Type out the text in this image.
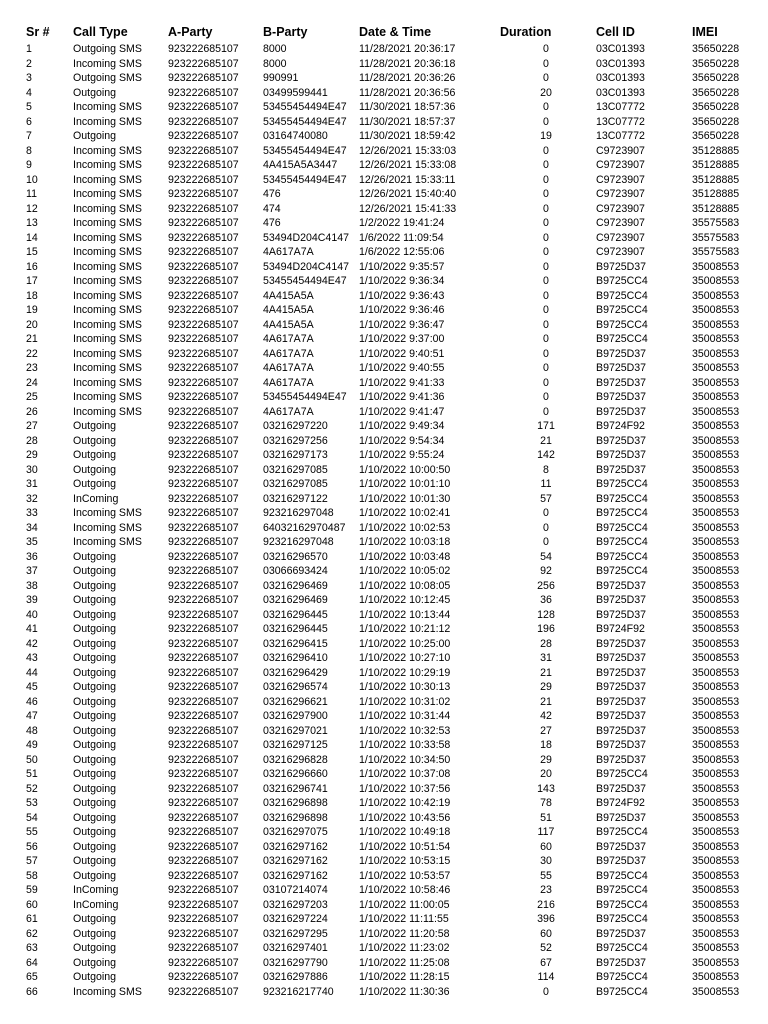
Sr #	Call Type	A-Party	B-Party	Date & Time	Duration	Cell ID	IMEI
1	Outgoing SMS	923222685107	8000	11/28/2021 20:36:17	0	03C01393	35650228
2	Incoming SMS	923222685107	8000	11/28/2021 20:36:18	0	03C01393	35650228
3	Outgoing SMS	923222685107	990991	11/28/2021 20:36:26	0	03C01393	35650228
4	Outgoing	923222685107	03499599441	11/28/2021 20:36:56	20	03C01393	35650228
5	Incoming SMS	923222685107	53455454494E47	11/30/2021 18:57:36	0	13C07772	35650228
6	Incoming SMS	923222685107	53455454494E47	11/30/2021 18:57:37	0	13C07772	35650228
7	Outgoing	923222685107	03164740080	11/30/2021 18:59:42	19	13C07772	35650228
8	Incoming SMS	923222685107	53455454494E47	12/26/2021 15:33:03	0	C9723907	35128885
9	Incoming SMS	923222685107	4A415A5A3447	12/26/2021 15:33:08	0	C9723907	35128885
10	Incoming SMS	923222685107	53455454494E47	12/26/2021 15:33:11	0	C9723907	35128885
11	Incoming SMS	923222685107	476	12/26/2021 15:40:40	0	C9723907	35128885
12	Incoming SMS	923222685107	474	12/26/2021 15:41:33	0	C9723907	35128885
13	Incoming SMS	923222685107	476	1/2/2022 19:41:24	0	C9723907	35575583
14	Incoming SMS	923222685107	53494D204C4147 1/6/2022 11:09:54	0	C9723907	35575583
15	Incoming SMS	923222685107	4A617A7A	1/6/2022 12:55:06	0	C9723907	35575583
16	Incoming SMS	923222685107	53494D204C4147 1/10/2022 9:35:57	0	B9725D37	35008553
17	Incoming SMS	923222685107	53455454494E47	1/10/2022 9:36:34	0	B9725CC4	35008553
18	Incoming SMS	923222685107	4A415A5A	1/10/2022 9:36:43	0	B9725CC4	35008553
19	Incoming SMS	923222685107	4A415A5A	1/10/2022 9:36:46	0	B9725CC4	35008553
20	Incoming SMS	923222685107	4A415A5A	1/10/2022 9:36:47	0	B9725CC4	35008553
21	Incoming SMS	923222685107	4A617A7A	1/10/2022 9:37:00	0	B9725CC4	35008553
22	Incoming SMS	923222685107	4A617A7A	1/10/2022 9:40:51	0	B9725D37	35008553
23	Incoming SMS	923222685107	4A617A7A	1/10/2022 9:40:55	0	B9725D37	35008553
24	Incoming SMS	923222685107	4A617A7A	1/10/2022 9:41:33	0	B9725D37	35008553
25	Incoming SMS	923222685107	53455454494E47	1/10/2022 9:41:36	0	B9725D37	35008553
26	Incoming SMS	923222685107	4A617A7A	1/10/2022 9:41:47	0	B9725D37	35008553
27	Outgoing	923222685107	03216297220	1/10/2022 9:49:34	171	B9724F92	35008553
28	Outgoing	923222685107	03216297256	1/10/2022 9:54:34	21	B9725D37	35008553
29	Outgoing	923222685107	03216297173	1/10/2022 9:55:24	142	B9725D37	35008553
30	Outgoing	923222685107	03216297085	1/10/2022 10:00:50	8	B9725D37	35008553
31	Outgoing	923222685107	03216297085	1/10/2022 10:01:10	11	B9725CC4	35008553
32	InComing	923222685107	03216297122	1/10/2022 10:01:30	57	B9725CC4	35008553
33	Incoming SMS	923222685107	923216297048	1/10/2022 10:02:41	0	B9725CC4	35008553
34	Incoming SMS	923222685107	64032162970487	1/10/2022 10:02:53	0	B9725CC4	35008553
35	Incoming SMS	923222685107	923216297048	1/10/2022 10:03:18	0	B9725CC4	35008553
36	Outgoing	923222685107	03216296570	1/10/2022 10:03:48	54	B9725CC4	35008553
37	Outgoing	923222685107	03066693424	1/10/2022 10:05:02	92	B9725CC4	35008553
38	Outgoing	923222685107	03216296469	1/10/2022 10:08:05	256	B9725D37	35008553
39	Outgoing	923222685107	03216296469	1/10/2022 10:12:45	36	B9725D37	35008553
40	Outgoing	923222685107	03216296445	1/10/2022 10:13:44	128	B9725D37	35008553
41	Outgoing	923222685107	03216296445	1/10/2022 10:21:12	196	B9724F92	35008553
42	Outgoing	923222685107	03216296415	1/10/2022 10:25:00	28	B9725D37	35008553
43	Outgoing	923222685107	03216296410	1/10/2022 10:27:10	31	B9725D37	35008553
44	Outgoing	923222685107	03216296429	1/10/2022 10:29:19	21	B9725D37	35008553
45	Outgoing	923222685107	03216296574	1/10/2022 10:30:13	29	B9725D37	35008553
46	Outgoing	923222685107	03216296621	1/10/2022 10:31:02	21	B9725D37	35008553
47	Outgoing	923222685107	03216297900	1/10/2022 10:31:44	42	B9725D37	35008553
48	Outgoing	923222685107	03216297021	1/10/2022 10:32:53	27	B9725D37	35008553
49	Outgoing	923222685107	03216297125	1/10/2022 10:33:58	18	B9725D37	35008553
50	Outgoing	923222685107	03216296828	1/10/2022 10:34:50	29	B9725D37	35008553
51	Outgoing	923222685107	03216296660	1/10/2022 10:37:08	20	B9725CC4	35008553
52	Outgoing	923222685107	03216296741	1/10/2022 10:37:56	143	B9725D37	35008553
53	Outgoing	923222685107	03216296898	1/10/2022 10:42:19	78	B9724F92	35008553
54	Outgoing	923222685107	03216296898	1/10/2022 10:43:56	51	B9725D37	35008553
55	Outgoing	923222685107	03216297075	1/10/2022 10:49:18	117	B9725CC4	35008553
56	Outgoing	923222685107	03216297162	1/10/2022 10:51:54	60	B9725D37	35008553
57	Outgoing	923222685107	03216297162	1/10/2022 10:53:15	30	B9725D37	35008553
58	Outgoing	923222685107	03216297162	1/10/2022 10:53:57	55	B9725CC4	35008553
59	InComing	923222685107	03107214074	1/10/2022 10:58:46	23	B9725CC4	35008553
60	InComing	923222685107	03216297203	1/10/2022 11:00:05	216	B9725CC4	35008553
61	Outgoing	923222685107	03216297224	1/10/2022 11:11:55	396	B9725CC4	35008553
62	Outgoing	923222685107	03216297295	1/10/2022 11:20:58	60	B9725D37	35008553
63	Outgoing	923222685107	03216297401	1/10/2022 11:23:02	52	B9725CC4	35008553
64	Outgoing	923222685107	03216297790	1/10/2022 11:25:08	67	B9725D37	35008553
65	Outgoing	923222685107	03216297886	1/10/2022 11:28:15	114	B9725CC4	35008553
66	Incoming SMS	923222685107	923216217740	1/10/2022 11:30:36	0	B9725CC4	35008553
